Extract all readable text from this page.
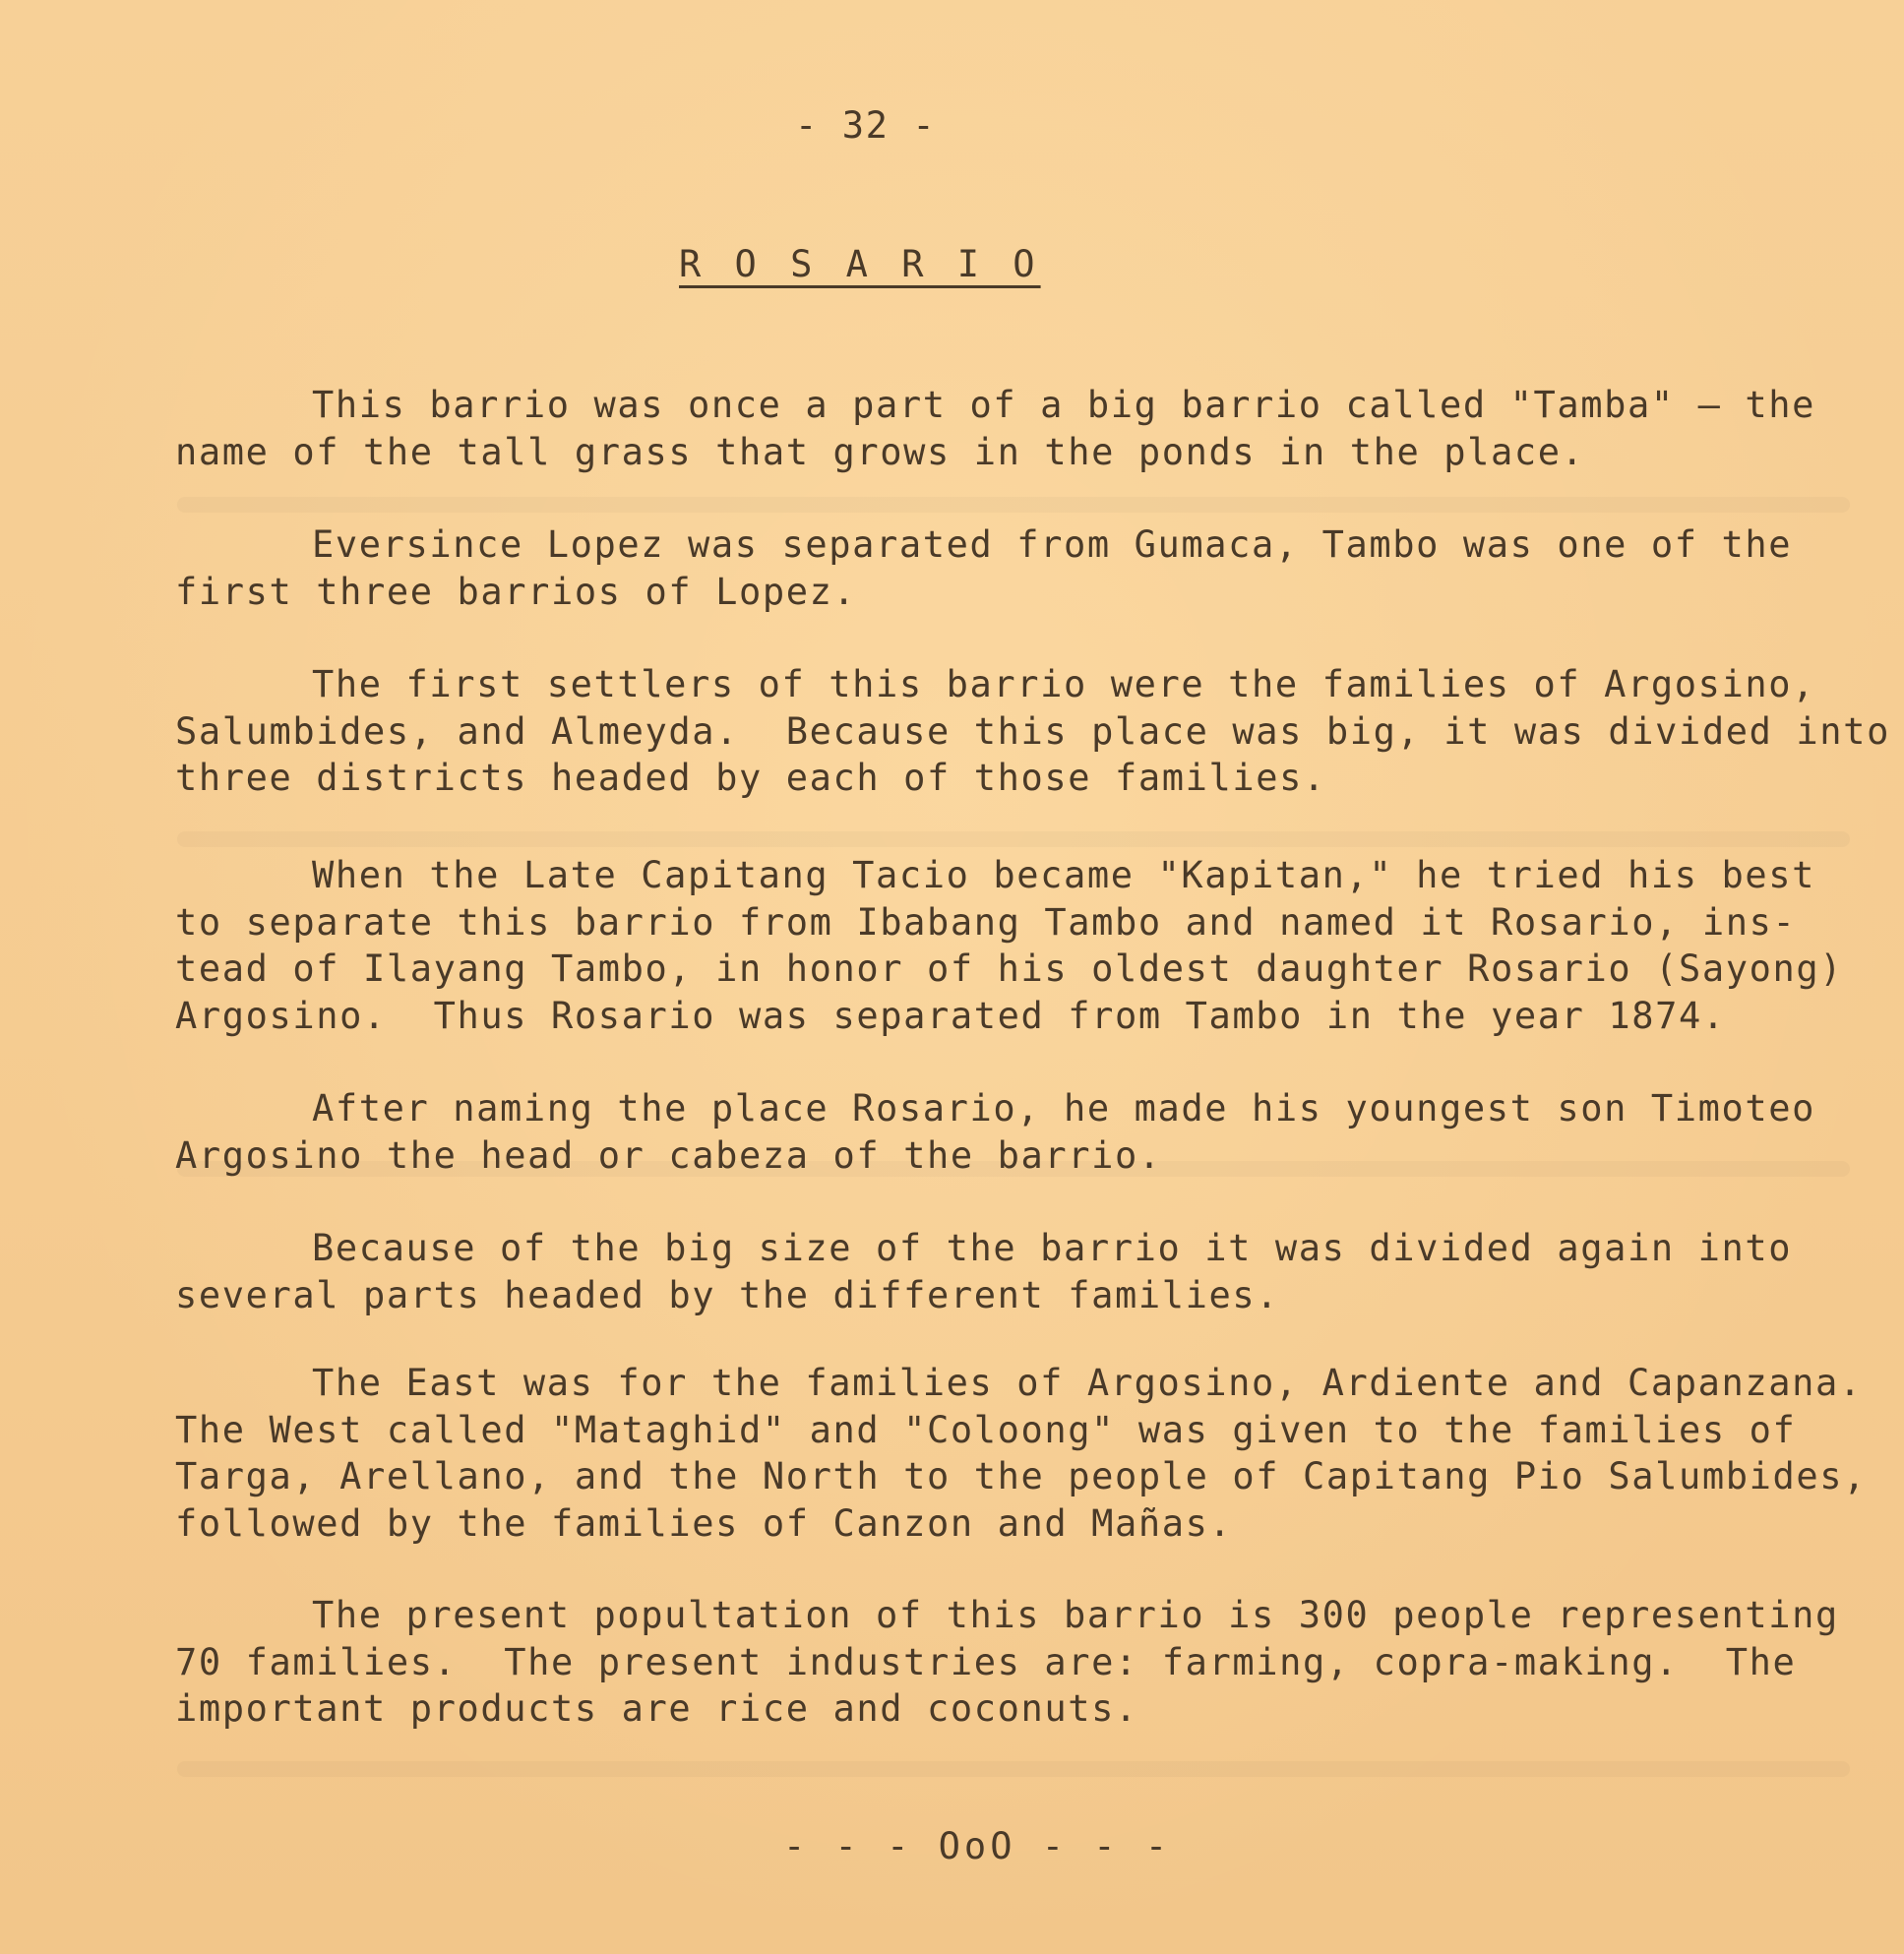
- 32 -
R O S A R I O
This barrio was once a part of a big barrio called "Tamba" — the
name of the tall grass that grows in the ponds in the place.
Eversince Lopez was separated from Gumaca, Tambo was one of the
first three barrios of Lopez.
The first settlers of this barrio were the families of Argosino,
Salumbides, and Almeyda.  Because this place was big, it was divided into
three districts headed by each of those families.
When the Late Capitang Tacio became "Kapitan," he tried his best
to separate this barrio from Ibabang Tambo and named it Rosario, ins-
tead of Ilayang Tambo, in honor of his oldest daughter Rosario (Sayong)
Argosino.  Thus Rosario was separated from Tambo in the year 1874.
After naming the place Rosario, he made his youngest son Timoteo
Argosino the head or cabeza of the barrio.
Because of the big size of the barrio it was divided again into
several parts headed by the different families.
The East was for the families of Argosino, Ardiente and Capanzana.
The West called "Mataghid" and "Coloong" was given to the families of
Targa, Arellano, and the North to the people of Capitang Pio Salumbides,
followed by the families of Canzon and Mañas.
The present popultation of this barrio is 300 people representing
70 families.  The present industries are: farming, copra-making.  The
important products are rice and coconuts.
- - - OoO - - -
